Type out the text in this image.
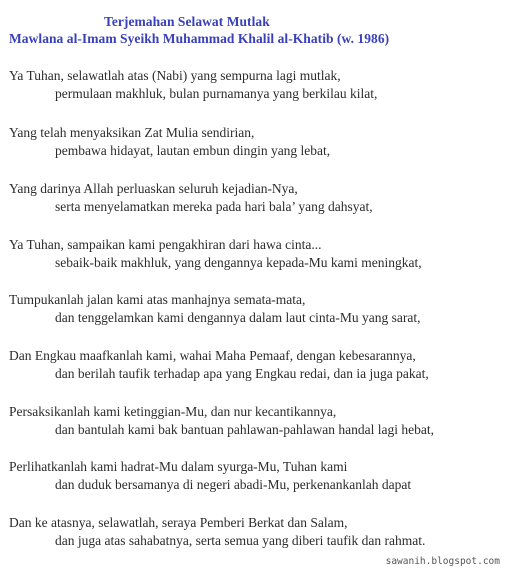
Terjemahan Selawat Mutlak
Mawlana al-Imam Syeikh Muhammad Khalil al-Khatib (w. 1986)
Ya Tuhan, selawatlah atas (Nabi) yang sempurna lagi mutlak,
permulaan makhluk, bulan purnamanya yang berkilau kilat,
Yang telah menyaksikan Zat Mulia sendirian,
pembawa hidayat, lautan embun dingin yang lebat,
Yang darinya Allah perluaskan seluruh kejadian-Nya,
serta menyelamatkan mereka pada hari bala’ yang dahsyat,
Ya Tuhan, sampaikan kami pengakhiran dari hawa cinta...
sebaik-baik makhluk, yang dengannya kepada-Mu kami meningkat,
Tumpukanlah jalan kami atas manhajnya semata-mata,
dan tenggelamkan kami dengannya dalam laut cinta-Mu yang sarat,
Dan Engkau maafkanlah kami, wahai Maha Pemaaf, dengan kebesarannya,
dan berilah taufik terhadap apa yang Engkau redai, dan ia juga pakat,
Persaksikanlah kami ketinggian-Mu, dan nur kecantikannya,
dan bantulah kami bak bantuan pahlawan-pahlawan handal lagi hebat,
Perlihatkanlah kami hadrat-Mu dalam syurga-Mu, Tuhan kami
dan duduk bersamanya di negeri abadi-Mu, perkenankanlah dapat
Dan ke atasnya, selawatlah, seraya Pemberi Berkat dan Salam,
dan juga atas sahabatnya, serta semua yang diberi taufik dan rahmat.
sawanih.blogspot.com
